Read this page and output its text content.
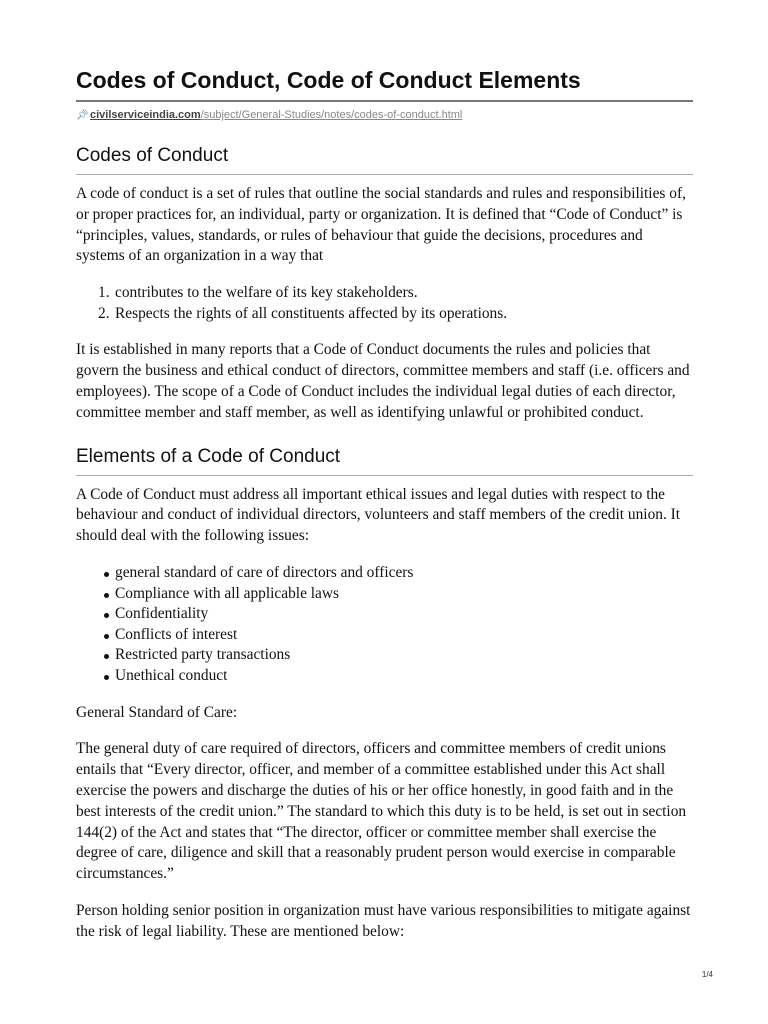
Codes of Conduct, Code of Conduct Elements
📌︎civilserviceindia.com/subject/General-Studies/notes/codes-of-conduct.html
Codes of Conduct

A code of conduct is a set of rules that outline the social standards and rules and responsibilities of, or proper practices for, an individual, party or organization. It is defined that “Code of Conduct” is “principles, values, standards, or rules of behaviour that guide the decisions, procedures and systems of an organization in a way that

1. contributes to the welfare of its key stakeholders.
2. Respects the rights of all constituents affected by its operations.

It is established in many reports that a Code of Conduct documents the rules and policies that govern the business and ethical conduct of directors, committee members and staff (i.e. officers and employees). The scope of a Code of Conduct includes the individual legal duties of each director, committee member and staff member, as well as identifying unlawful or prohibited conduct.

Elements of a Code of Conduct

A Code of Conduct must address all important ethical issues and legal duties with respect to the behaviour and conduct of individual directors, volunteers and staff members of the credit union. It should deal with the following issues:

general standard of care of directors and officers
Compliance with all applicable laws
Confidentiality
Conflicts of interest
Restricted party transactions
Unethical conduct

General Standard of Care:

The general duty of care required of directors, officers and committee members of credit unions entails that “Every director, officer, and member of a committee established under this Act shall exercise the powers and discharge the duties of his or her office honestly, in good faith and in the best interests of the credit union.” The standard to which this duty is to be held, is set out in section 144(2) of the Act and states that “The director, officer or committee member shall exercise the degree of care, diligence and skill that a reasonably prudent person would exercise in comparable circumstances.”

Person holding senior position in organization must have various responsibilities to mitigate against the risk of legal liability. These are mentioned below:

1/4
